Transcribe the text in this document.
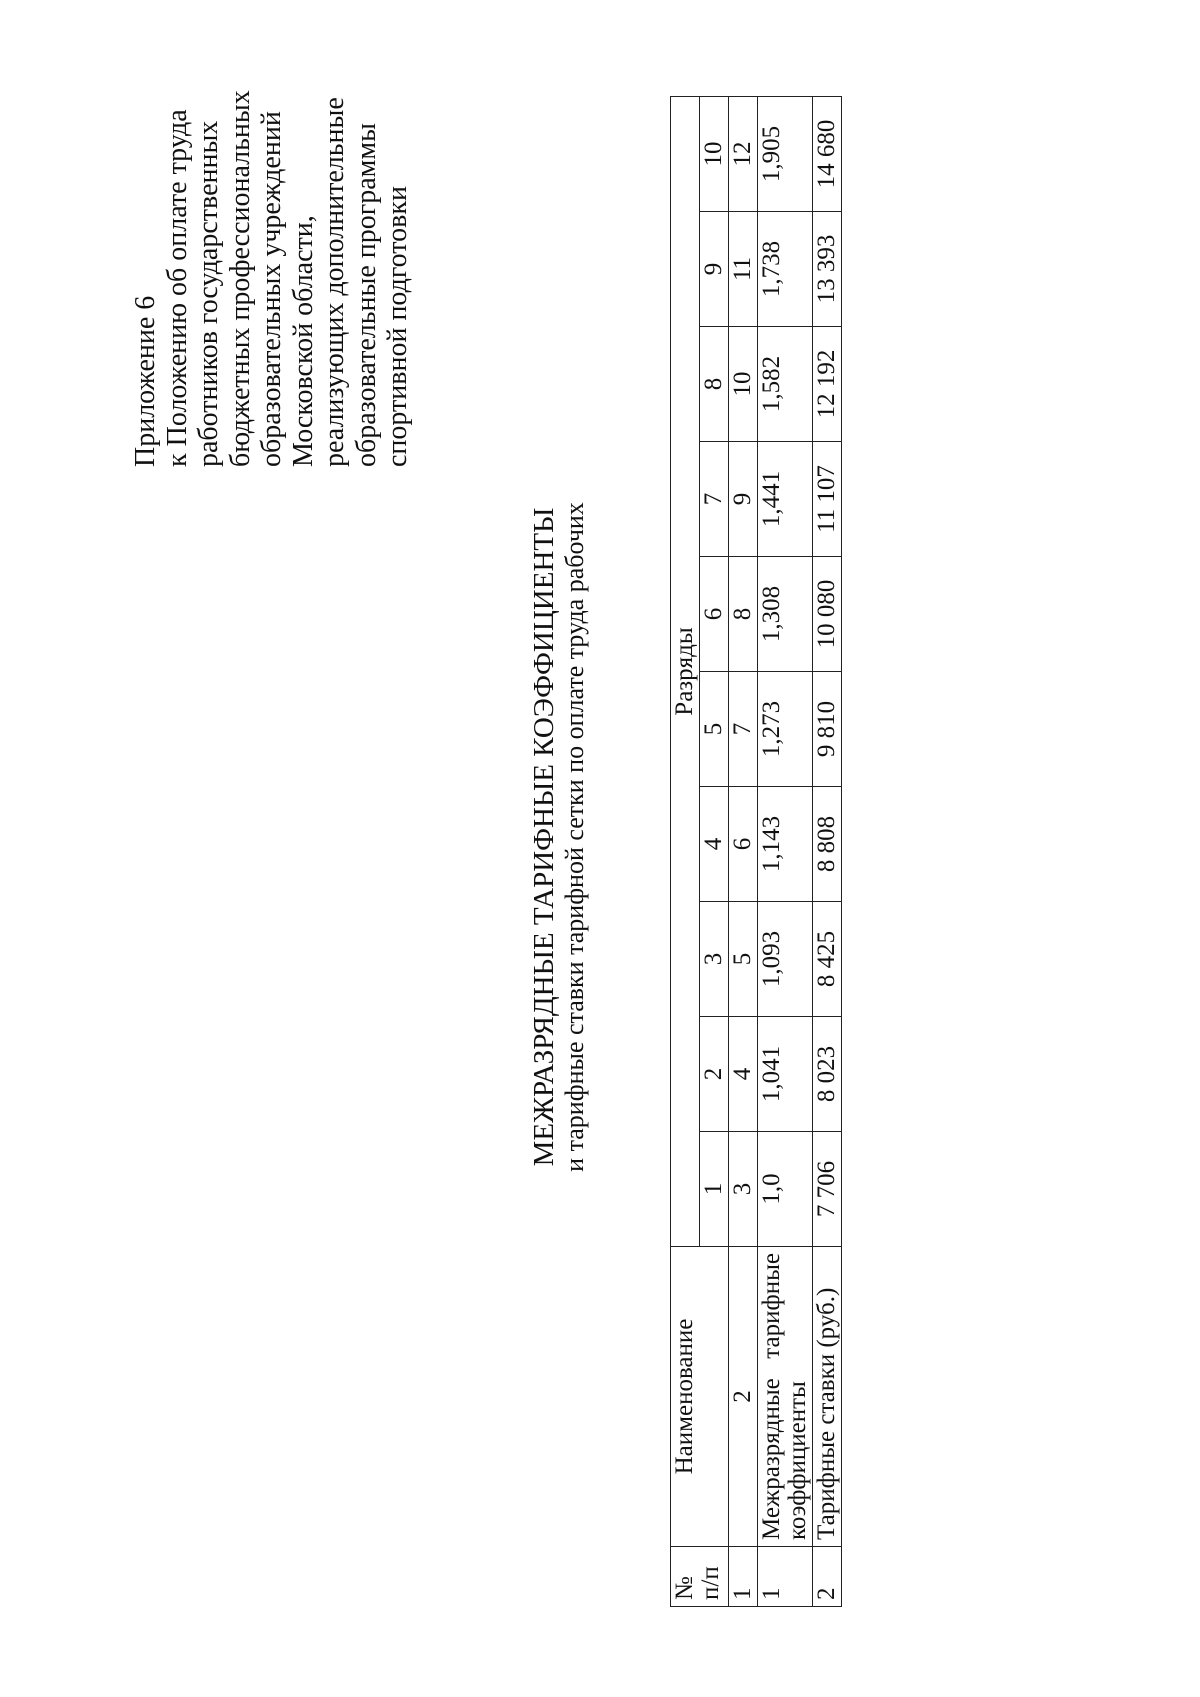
Приложение 6 к Положению об оплате труда работников государственных бюджетных профессиональных образовательных учреждений Московской области, реализующих дополнительные образовательные программы спортивной подготовки
МЕЖРАЗРЯДНЫЕ ТАРИФНЫЕ КОЭФФИЦИЕНТЫ и тарифные ставки тарифной сетки по оплате труда рабочих
№ п/п	Наименование	Разряды									
		1	2	3	4	5	6	7	8	9	10
1	2	3	4	5	6	7	8	9	10	11	12
1	Межразрядные тарифные коэффициенты	1,0	1,041	1,093	1,143	1,273	1,308	1,441	1,582	1,738	1,905
2	Тарифные ставки (руб.)	7 706	8 023	8 425	8 808	9 810	10 080	11 107	12 192	13 393	14 680
